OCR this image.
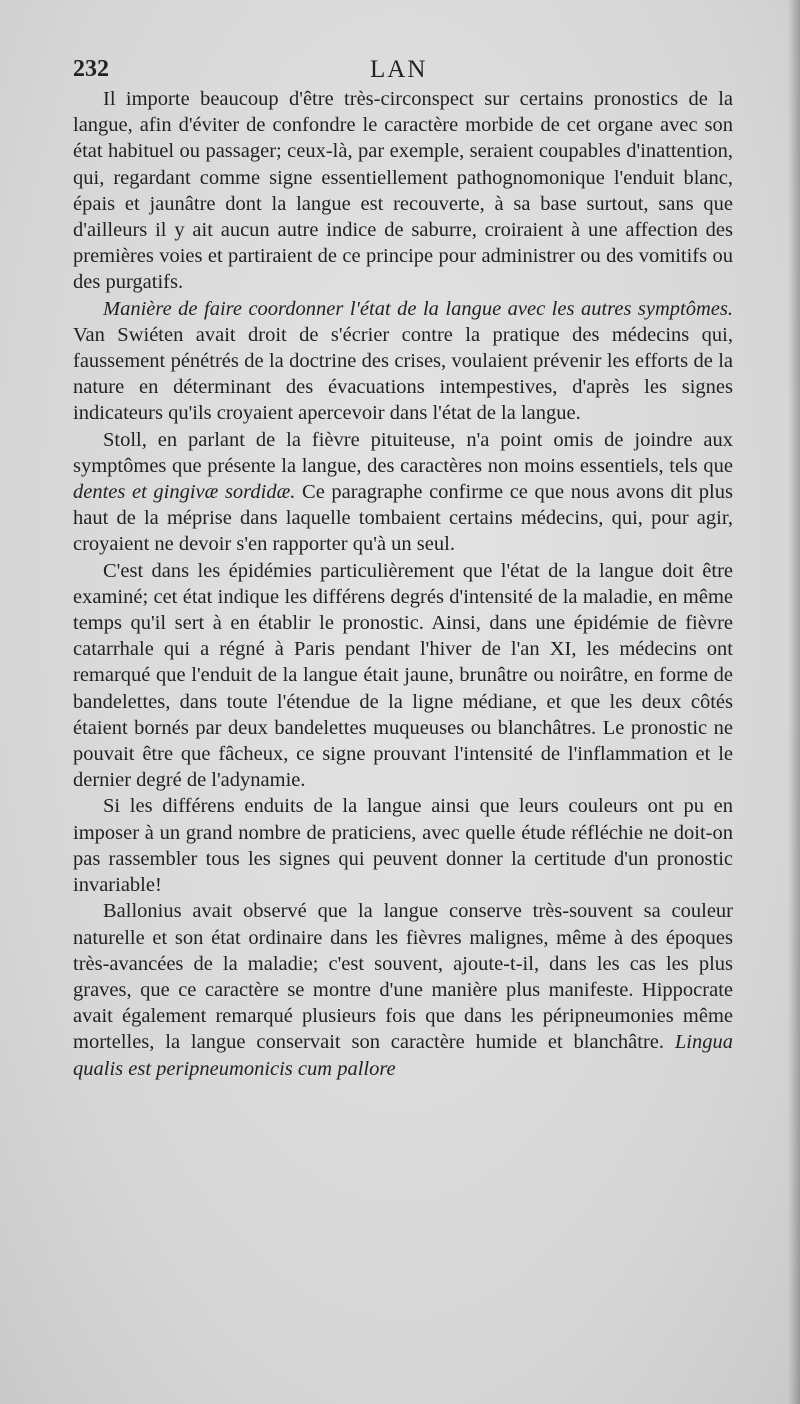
232	LAN

Il importe beaucoup d'être très-circonspect sur certains pronostics de la langue, afin d'éviter de confondre le caractère morbide de cet organe avec son état habituel ou passager; ceux-là, par exemple, seraient coupables d'inattention, qui, regardant comme signe essentiellement pathognomonique l'enduit blanc, épais et jaunâtre dont la langue est recouverte, à sa base surtout, sans que d'ailleurs il y ait aucun autre indice de saburre, croiraient à une affection des premières voies et partiraient de ce principe pour administrer ou des vomitifs ou des purgatifs.

Manière de faire coordonner l'état de la langue avec les autres symptômes. Van Swiéten avait droit de s'écrier contre la pratique des médecins qui, faussement pénétrés de la doctrine des crises, voulaient prévenir les efforts de la nature en déterminant des évacuations intempestives, d'après les signes indicateurs qu'ils croyaient apercevoir dans l'état de la langue.

Stoll, en parlant de la fièvre pituiteuse, n'a point omis de joindre aux symptômes que présente la langue, des caractères non moins essentiels, tels que dentes et gingivæ sordidæ. Ce paragraphe confirme ce que nous avons dit plus haut de la méprise dans laquelle tombaient certains médecins, qui, pour agir, croyaient ne devoir s'en rapporter qu'à un seul.

C'est dans les épidémies particulièrement que l'état de la langue doit être examiné; cet état indique les différens degrés d'intensité de la maladie, en même temps qu'il sert à en établir le pronostic. Ainsi, dans une épidémie de fièvre catarrhale qui a régné à Paris pendant l'hiver de l'an XI, les médecins ont remarqué que l'enduit de la langue était jaune, brunâtre ou noirâtre, en forme de bandelettes, dans toute l'étendue de la ligne médiane, et que les deux côtés étaient bornés par deux bandelettes muqueuses ou blanchâtres. Le pronostic ne pouvait être que fâcheux, ce signe prouvant l'intensité de l'inflammation et le dernier degré de l'adynamie.

Si les différens enduits de la langue ainsi que leurs couleurs ont pu en imposer à un grand nombre de praticiens, avec quelle étude réfléchie ne doit-on pas rassembler tous les signes qui peuvent donner la certitude d'un pronostic invariable!

Ballonius avait observé que la langue conserve très-souvent sa couleur naturelle et son état ordinaire dans les fièvres malignes, même à des époques très-avancées de la maladie; c'est souvent, ajoute-t-il, dans les cas les plus graves, que ce caractère se montre d'une manière plus manifeste. Hippocrate avait également remarqué plusieurs fois que dans les péripneumonies même mortelles, la langue conservait son caractère humide et blanchâtre. Lingua qualis est peripneumonicis cum pallore
